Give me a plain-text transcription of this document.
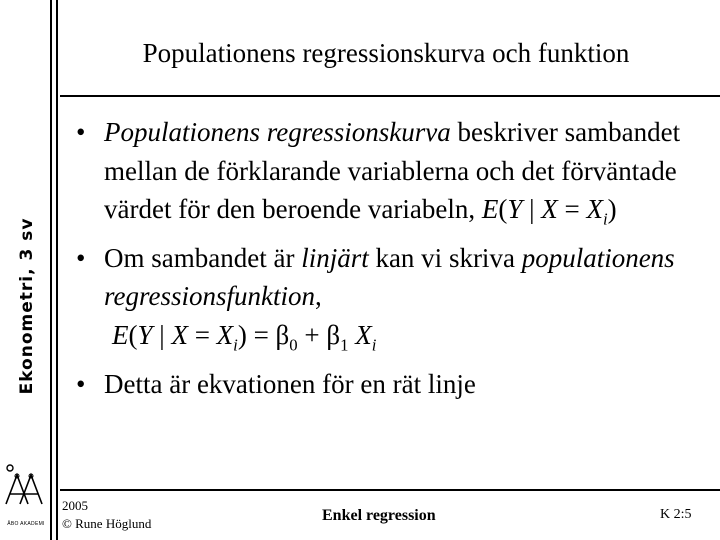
Ekonometri, 3 sv
ÅBO AKADEMI
Populationens regressionskurva och funktion
• Populationens regressionskurva beskriver sambandet mellan de förklarande variablerna och det förväntade värdet för den beroende variabeln, E(Y | $X = X_i$)
• Om sambandet är linjärt kan vi skriva populationens regressionsfunktion,
E(Y | $X = X_i) = \beta_0 + \beta_1$ $X_i$
• Detta är ekvationen för en rät linje
2005
© Rune Höglund	Enkel regression	K 2:5
